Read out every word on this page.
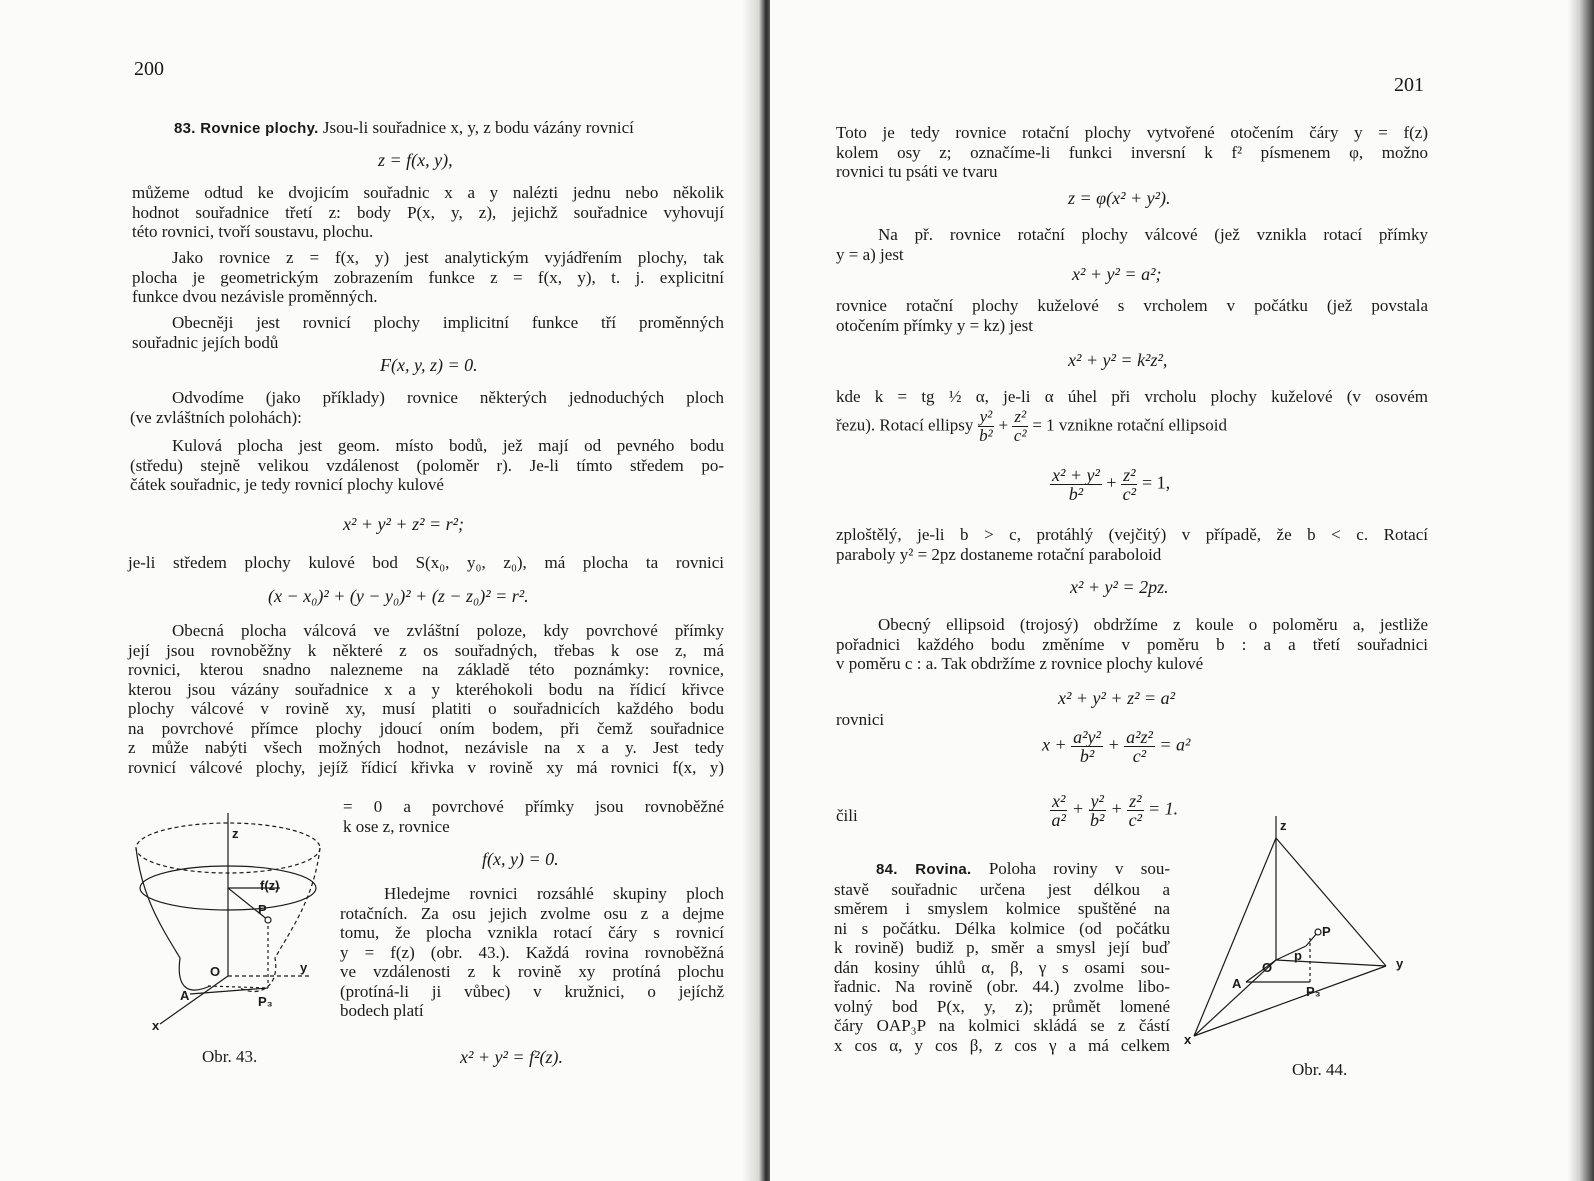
200
83. Rovnice plochy. Jsou-li souřadnice x, y, z bodu vázány rovnicí
z = f(x, y),
můžeme odtud ke dvojicím souřadnic x a y nalézti jednu nebo několik
hodnot souřadnice třetí z: body P(x, y, z), jejichž souřadnice vyhovují
této rovnici, tvoří soustavu, plochu.
Jako rovnice z = f(x, y) jest analytickým vyjádřením plochy, tak
plocha je geometrickým zobrazením funkce z = f(x, y), t. j. explicitní
funkce dvou nezávisle proměnných.
Obecněji jest rovnicí plochy implicitní funkce tří proměnných
souřadnic jejích bodů
F(x, y, z) = 0.
Odvodíme (jako příklady) rovnice některých jednoduchých ploch
(ve zvláštních polohách):
Kulová plocha jest geom. místo bodů, jež mají od pevného bodu
(středu) stejně velikou vzdálenost (poloměr r). Je-li tímto středem po-
čátek souřadnic, je tedy rovnicí plochy kulové
x² + y² + z² = r²;
je-li středem plochy kulové bod S(x₀, y₀, z₀), má plocha ta rovnici
(x − x₀)² + (y − y₀)² + (z − z₀)² = r².
Obecná plocha válcová ve zvláštní poloze, kdy povrchové přímky
její jsou rovnoběžny k některé z os souřadných, třebas k ose z, má
rovnici, kterou snadno nalezneme na základě této poznámky: rovnice,
kterou jsou vázány souřadnice x a y kteréhokoli bodu na řídicí křivce
plochy válcové v rovině xy, musí platiti o souřadnicích každého bodu
na povrchové přímce plochy jdoucí oním bodem, při čemž souřadnice
z může nabýti všech možných hodnot, nezávisle na x a y. Jest tedy
rovnicí válcové plochy, jejíž řídicí křivka v rovině xy má rovnici f(x, y)
= 0 a povrchové přímky jsou rovnoběžné
k ose z, rovnice
f(x, y) = 0.
Hledejme rovnici rozsáhlé skupiny ploch
rotačních. Za osu jejich zvolme osu z a dejme
tomu, že plocha vznikla rotací čáry s rovnicí
y = f(z) (obr. 43.). Každá rovina rovnoběžná
ve vzdálenosti z k rovině xy protíná plochu
(protíná-li ji vůbec) v kružnici, o jejíchž
bodech platí
x² + y² = f²(z).
z
f(z)
P
O	y
A	P₃
x
Obr. 43.
201
Toto je tedy rovnice rotační plochy vytvořené otočením čáry y = f(z)
kolem osy z; označíme-li funkci inversní k f² písmenem φ, možno
rovnici tu psáti ve tvaru
z = φ(x² + y²).
Na př. rovnice rotační plochy válcové (jež vznikla rotací přímky
y = a) jest
x² + y² = a²;
rovnice rotační plochy kuželové s vrcholem v počátku (jež povstala
otočením přímky y = kz) jest
x² + y² = k²z²,
kde k = tg ½ α, je-li α úhel při vrcholu plochy kuželové (v osovém
řezu). Rotací ellipsy $\frac{\text{y²}}{\text{b²}} + \frac{\text{z²}}{\text{c²}} = 1$ vznikne rotační ellipsoid
$\frac{\text{x² + y²}}{\text{b²}} + \frac{\text{z²}}{\text{c²}} = 1$,
zploštělý, je-li b > c, protáhlý (vejčitý) v případě, že b < c. Rotací
paraboly y² = 2pz dostaneme rotační paraboloid
x² + y² = 2pz.
Obecný ellipsoid (trojosý) obdržíme z koule o poloměru a, jestliže
pořadnici každého bodu změníme v poměru b : a a třetí souřadnici
v poměru c : a. Tak obdržíme z rovnice plochy kulové
x² + y² + z² = a²
rovnici
$x + \frac{\text{a²y²}}{\text{b²}} + \frac{\text{a²z²}}{\text{c²}} = a^2$
čili	$\frac{\text{x²}}{\text{a²}} + \frac{\text{y²}}{\text{b²}} + \frac{\text{z²}}{\text{c²}} = 1$.
84. Rovina. Poloha roviny v sou-
stavě souřadnic určena jest délkou a
směrem i smyslem kolmice spuštěné na
ni s počátku. Délka kolmice (od počátku
k rovině) budiž p, směr a smysl její buď
dán kosiny úhlů α, β, γ s osami sou-
řadnic. Na rovině (obr. 44.) zvolme libo-
volný bod P(x, y, z); průmět lomené
čáry OAP₃P na kolmici skládá se z částí
x cos α, y cos β, z cos γ a má celkem
z
P
O
p
y
A
P₃
x
Obr. 44.
